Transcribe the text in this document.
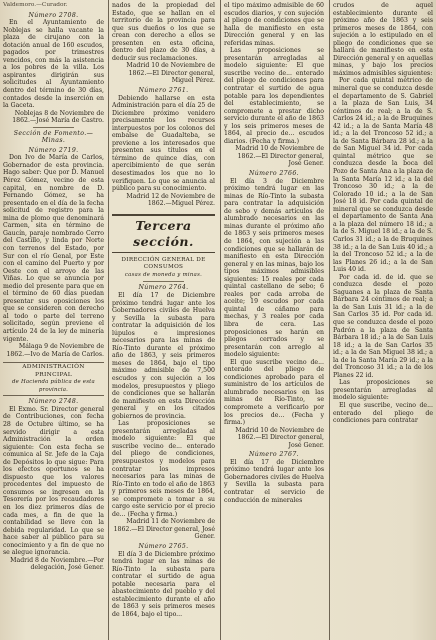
Valdemoro.—Curador.

Número 2708.

En el Ayuntamiento de Noblejas se halla vacante la plaza de cirujano con la dotación anual de 160 escudos, pagados por trimestres vencidos, con más la asistencia a los pobres de la villa. Los aspirantes dirigirán sus solicitudes al Ayuntamiento dentro del término de 30 días, contados desde la inserción en la Gaceta.

Noblejas 8 de Noviembre de 1862.—José María de Castro.

Sección de Fomento.—Minas.

Número 2719.

Don Ivo de María de Carlos, Gobernador de esta provincia. Hago saber: Que por D. Manuel Pérez Gómez, vecino de esta capital, en nombre de D. Fernando Gómez, se ha presentado en el día de la fecha solicitud de registro para la mina de plomo que denominará Carmen, sita en término de Gaucín, paraje nombrado Cerro del Castillo, y linda por Norte con terrenos del Estado, por Sur con el río Genal, por Este con el camino del Puerto y por Oeste con el arroyo de las Viñas. Lo que se anuncia por medio del presente para que en el término de 60 días puedan presentar sus oposiciones los que se consideren con derecho al todo o parte del terreno solicitado, según previene el artículo 24 de la ley de minería vigente.

Málaga 9 de Noviembre de 1862.—Ivo de María de Carlos.

ADMINISTRACIÓN PRINCIPAL
de Hacienda pública de esta provincia.

Número 2748.

El Exmo. Sr. Director general de Contribuciones, con fecha 28 de Octubre último, se ha servido dirigir a esta Administración la orden siguiente: Con esta fecha se comunica al Sr. Jefe de la Caja de Depósitos lo que sigue: Para los efectos oportunos se ha dispuesto que los valores procedentes del impuesto de consumos se ingresen en la Tesorería por los recaudadores en los diez primeros días de cada mes, a fin de que la contabilidad se lleve con la debida regularidad. Lo que se hace saber al público para su conocimiento y a fin de que no se alegue ignorancia.

Madrid 8 de Noviembre.—Por delegación, José Gener.

nados de la propiedad del Estado, que se hallan en el territorio de la provincia para que sus dueños o los que se crean con derecho a ellos se presenten en esta oficina, dentro del plazo de 30 días, a deducir sus reclamaciones.

Madrid 10 de Noviembre de 1862.—El Director general, Miguel Pérez.

Número 2761.

Debiendo hallarse en esta Administración para el día 25 de Diciembre próximo venidero precisamente los recursos interpuestos por los colonos del embalse de Guadalteba, se previene a los interesados que presenten sus títulos en el término de quince días, con apercibimiento de que serán desestimados los que no lo verifiquen. Lo que se anuncia al público para su conocimiento.

Madrid 12 de Noviembre de 1862.—Miguel Pérez.

Tercera sección.
DIRECCIÓN GENERAL DE CONSUMOS
casas de moneda y minas.

Número 2764.

El día 17 de Diciembre próximo tendrá lugar ante los Gobernadores civiles de Huelva y Sevilla la subasta para contratar la adquisición de los lúpulos e impresiones necesarios para las minas de Río-Tinto durante el próximo año de 1863, y seis primeros meses de 1864, bajo el tipo máximo admisible de 7,500 escudos y con sujeción a los modelos, presupuestos y pliego de condiciones que se hallarán de manifiesto en esta Dirección general y en los citados gobiernos de provincia.

Las proposiciones se presentarán arregladas al modelo siguiente: El que suscribe vecino de... enterado del pliego de condiciones, presupuestos y modelos para contratar los impresos necesarios para las minas de Río-Tinto en todo el año de 1863 y primeros seis meses de 1864, se compromete a tomar a su cargo este servicio por el precio de... (Fecha y firma.)

Madrid 11 de Noviembre de 1862.—El Director general, José Gener.

Número 2765.

El día 3 de Diciembre próximo tendrá lugar en las minas de Río-Tinto la subasta para contratar el surtido de agua potable necesaria para el abastecimiento del pueblo y del establecimiento durante el año de 1863 y seis primeros meses de 1864, bajo el tipo...

el tipo máximo admisible de 60 escudos diarios, y con sujeción al pliego de condiciones que se halla de manifiesto en esta Dirección general y en las referidas minas.

Las proposiciones se presentarán arregladas al modelo siguiente: El que suscribe vecino de... enterado del pliego de condiciones para contratar el surtido de agua potable para los dependientes del establecimiento, se compromete a prestar dicho servicio durante el año de 1863 y los seis primeros meses de 1864, al precio de... escudos diarios. (Fecha y firma.)

Madrid 10 de Noviembre de 1862.—El Director general, José Gener.

Número 2766.

El día 3 de Diciembre próximo tendrá lugar en las minas de Río-Tinto la subasta para contratar la adquisición de sebo y demás artículos de alumbrado necesarios en las minas durante el próximo año de 1863 y seis primeros meses de 1864, con sujeción a las condiciones que se hallarán de manifiesto en esta Dirección general y en las minas, bajo los tipos máximos admisibles siguientes: 15 reales por cada quintal castellano de sebo; 6 reales por cada arroba de aceite; 19 escudos por cada quintal de cáñamo para mechas, y 3 reales por cada libra de cera. Las proposiciones se harán en pliegos cerrados y se presentarán con arreglo al modelo siguiente:

El que suscribe vecino de... enterado del pliego de condiciones aprobado para el suministro de los artículos de alumbrado necesarios en las minas de Río-Tinto, se compromete a verificarlo por los precios de... (Fecha y firma.)

Madrid 10 de Noviembre de 1862.—El Director general, José Gener.

Número 2767.

El día 17 de Diciembre próximo tendrá lugar ante los Gobernadores civiles de Huelva y Sevilla la subasta para contratar el servicio de conducción de minerales

crudos de aquel establecimiento durante el próximo año de 1863 y seis primeros meses de 1864, con sujeción a lo estipulado en el pliego de condiciones que se hallará de manifiesto en esta Dirección general y en aquellas minas, y bajo los precios máximos admisibles siguientes:

Por cada quintal métrico de mineral que se conduzca desde el departamento de S. Gabriel a la plaza de San Luis, 34 céntimos de real; a la de S. Carlos 24 id.; a la de Bruquines 42 id.; a la de Santa María 48 id.; a la del Troncoso 52 id.; a la de Santa Bárbara 28 id.; a la de San Miguel 34 id. Por cada quintal métrico que se conduzca desde la boca del Pozo de Santa Ana a la plaza de la Santa María 12 id.; a la del Troncoso 30 id.; a la de Colorado 10 id.; a la de San José 18 id. Por cada quintal de mineral que se conduzca desde el departamento de Santa Ana a la plaza del número 18 id.; a la de S. Miguel 18 id.; a la de S. Carlos 31 id.; a la de Bruquines 38 id.; a la de San Luis 40 id.; a la del Troncoso 52 id.; a la de las Planes 26 id.; a la de San Luis 40 id.

Por cada id. de id. que se conduzca desde el pozo Saguanes a la plaza de Santa Bárbara 24 céntimos de real; a la de San Luis 31 id.; a la de San Carlos 35 id. Por cada id. que se conduzca desde el pozo Padrón a la plaza de Santa Bárbara 18 id.; a la de San Luis 18 id.; a la de San Carlos 35 id.; a la de San Miguel 38 id.; a la de la Santa María 29 id.; a la del Troncoso 31 id.; a la de los Planes 22 id.

Las proposiciones se presentarán arregladas al modelo siguiente:

El que suscribe, vecino de... enterado del pliego de condiciones para contratar
